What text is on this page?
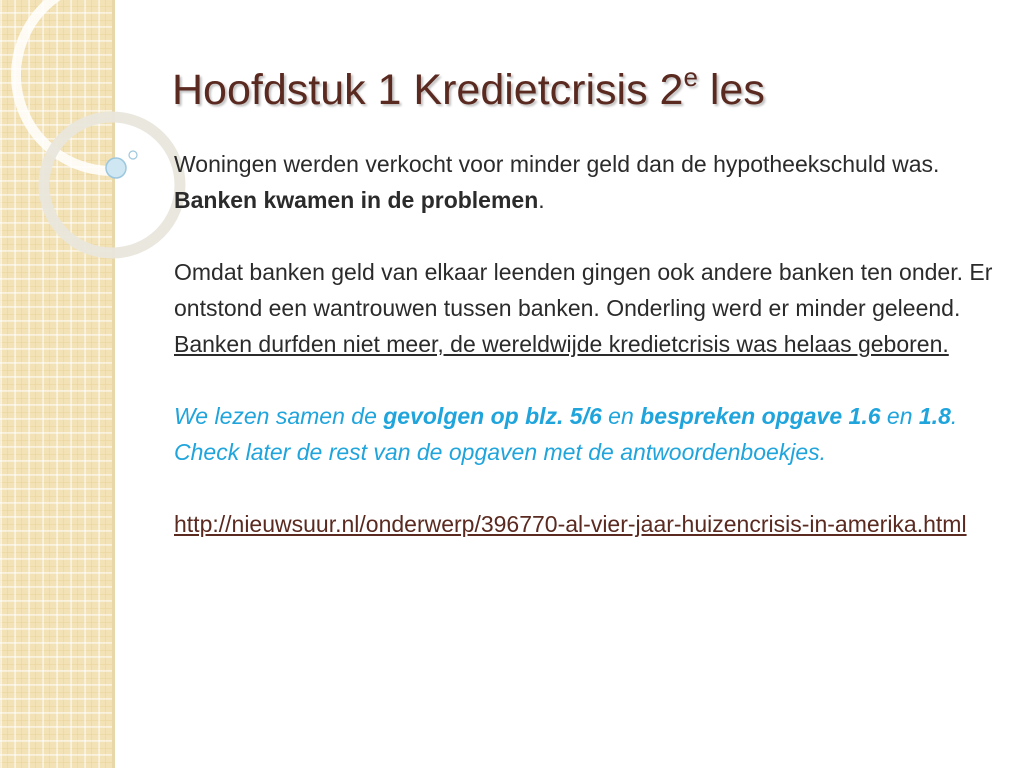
Hoofdstuk 1 Kredietcrisis 2e les

Woningen werden verkocht voor minder geld dan de hypotheekschuld was. Banken kwamen in de problemen.

Omdat banken geld van elkaar leenden gingen ook andere banken ten onder. Er ontstond een wantrouwen tussen banken. Onderling werd er minder geleend. Banken durfden niet meer, de wereldwijde kredietcrisis was helaas geboren.

We lezen samen de gevolgen op blz. 5/6 en bespreken opgave 1.6 en 1.8. Check later de rest van de opgaven met de antwoordenboekjes.

http://nieuwsuur.nl/onderwerp/396770-al-vier-jaar-huizencrisis-in-amerika.html
